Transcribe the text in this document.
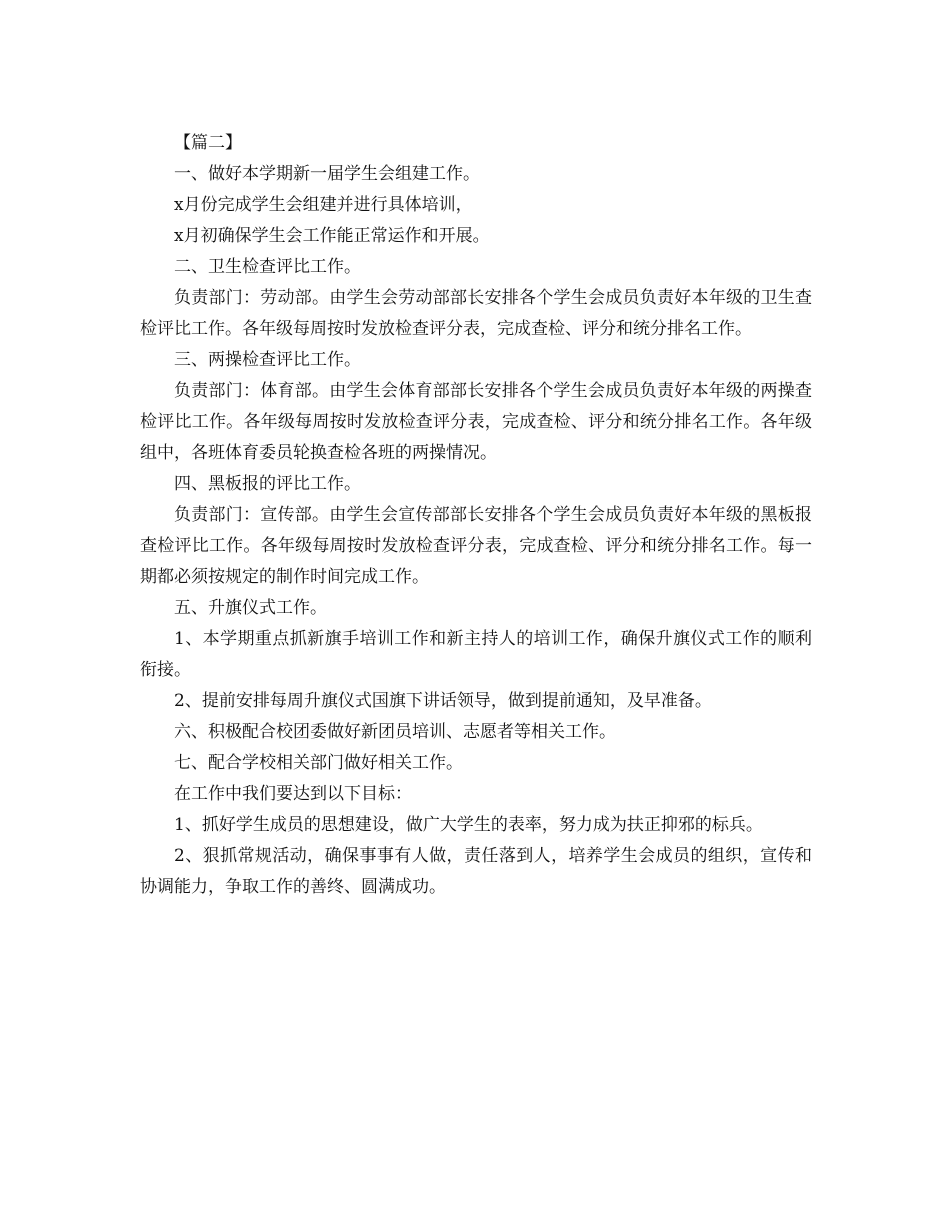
【篇二】

一、做好本学期新一届学生会组建工作。

x月份完成学生会组建并进行具体培训，

x月初确保学生会工作能正常运作和开展。

二、卫生检查评比工作。

负责部门：劳动部。由学生会劳动部部长安排各个学生会成员负责好本年级的卫生查检评比工作。各年级每周按时发放检查评分表，完成查检、评分和统分排名工作。

三、两操检查评比工作。

负责部门：体育部。由学生会体育部部长安排各个学生会成员负责好本年级的两操查检评比工作。各年级每周按时发放检查评分表，完成查检、评分和统分排名工作。各年级组中，各班体育委员轮换查检各班的两操情况。

四、黑板报的评比工作。

负责部门：宣传部。由学生会宣传部部长安排各个学生会成员负责好本年级的黑板报查检评比工作。各年级每周按时发放检查评分表，完成查检、评分和统分排名工作。每一期都必须按规定的制作时间完成工作。

五、升旗仪式工作。

1、本学期重点抓新旗手培训工作和新主持人的培训工作，确保升旗仪式工作的顺利衔接。

2、提前安排每周升旗仪式国旗下讲话领导，做到提前通知，及早准备。

六、积极配合校团委做好新团员培训、志愿者等相关工作。

七、配合学校相关部门做好相关工作。

在工作中我们要达到以下目标：

1、抓好学生成员的思想建设，做广大学生的表率，努力成为扶正抑邪的标兵。

2、狠抓常规活动，确保事事有人做，责任落到人，培养学生会成员的组织，宣传和协调能力，争取工作的善终、圆满成功。
